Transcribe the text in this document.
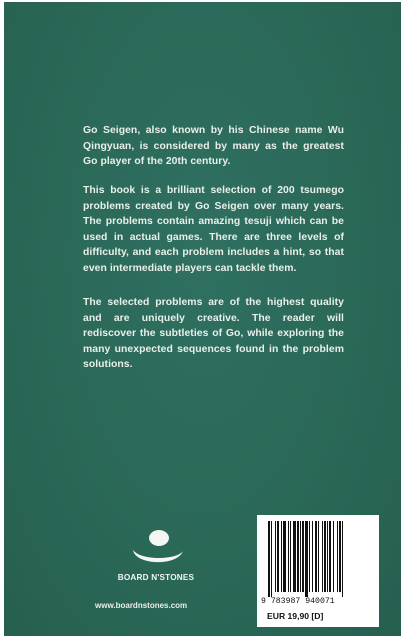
Go Seigen, also known by his Chinese name Wu Qingyuan, is considered by many as the greatest Go player of the 20th century.

This book is a brilliant selection of 200 tsumego problems created by Go Seigen over many years. The problems contain amazing tesuji which can be used in actual games. There are three levels of difficulty, and each problem includes a hint, so that even intermediate players can tackle them.

The selected problems are of the highest quality and are uniquely creative. The reader will rediscover the subtleties of Go, while exploring the many unexpected sequences found in the problem solutions.

BOARD N'STONES
www.boardnstones.com	9 783987 940071
EUR 19,90 [D]
